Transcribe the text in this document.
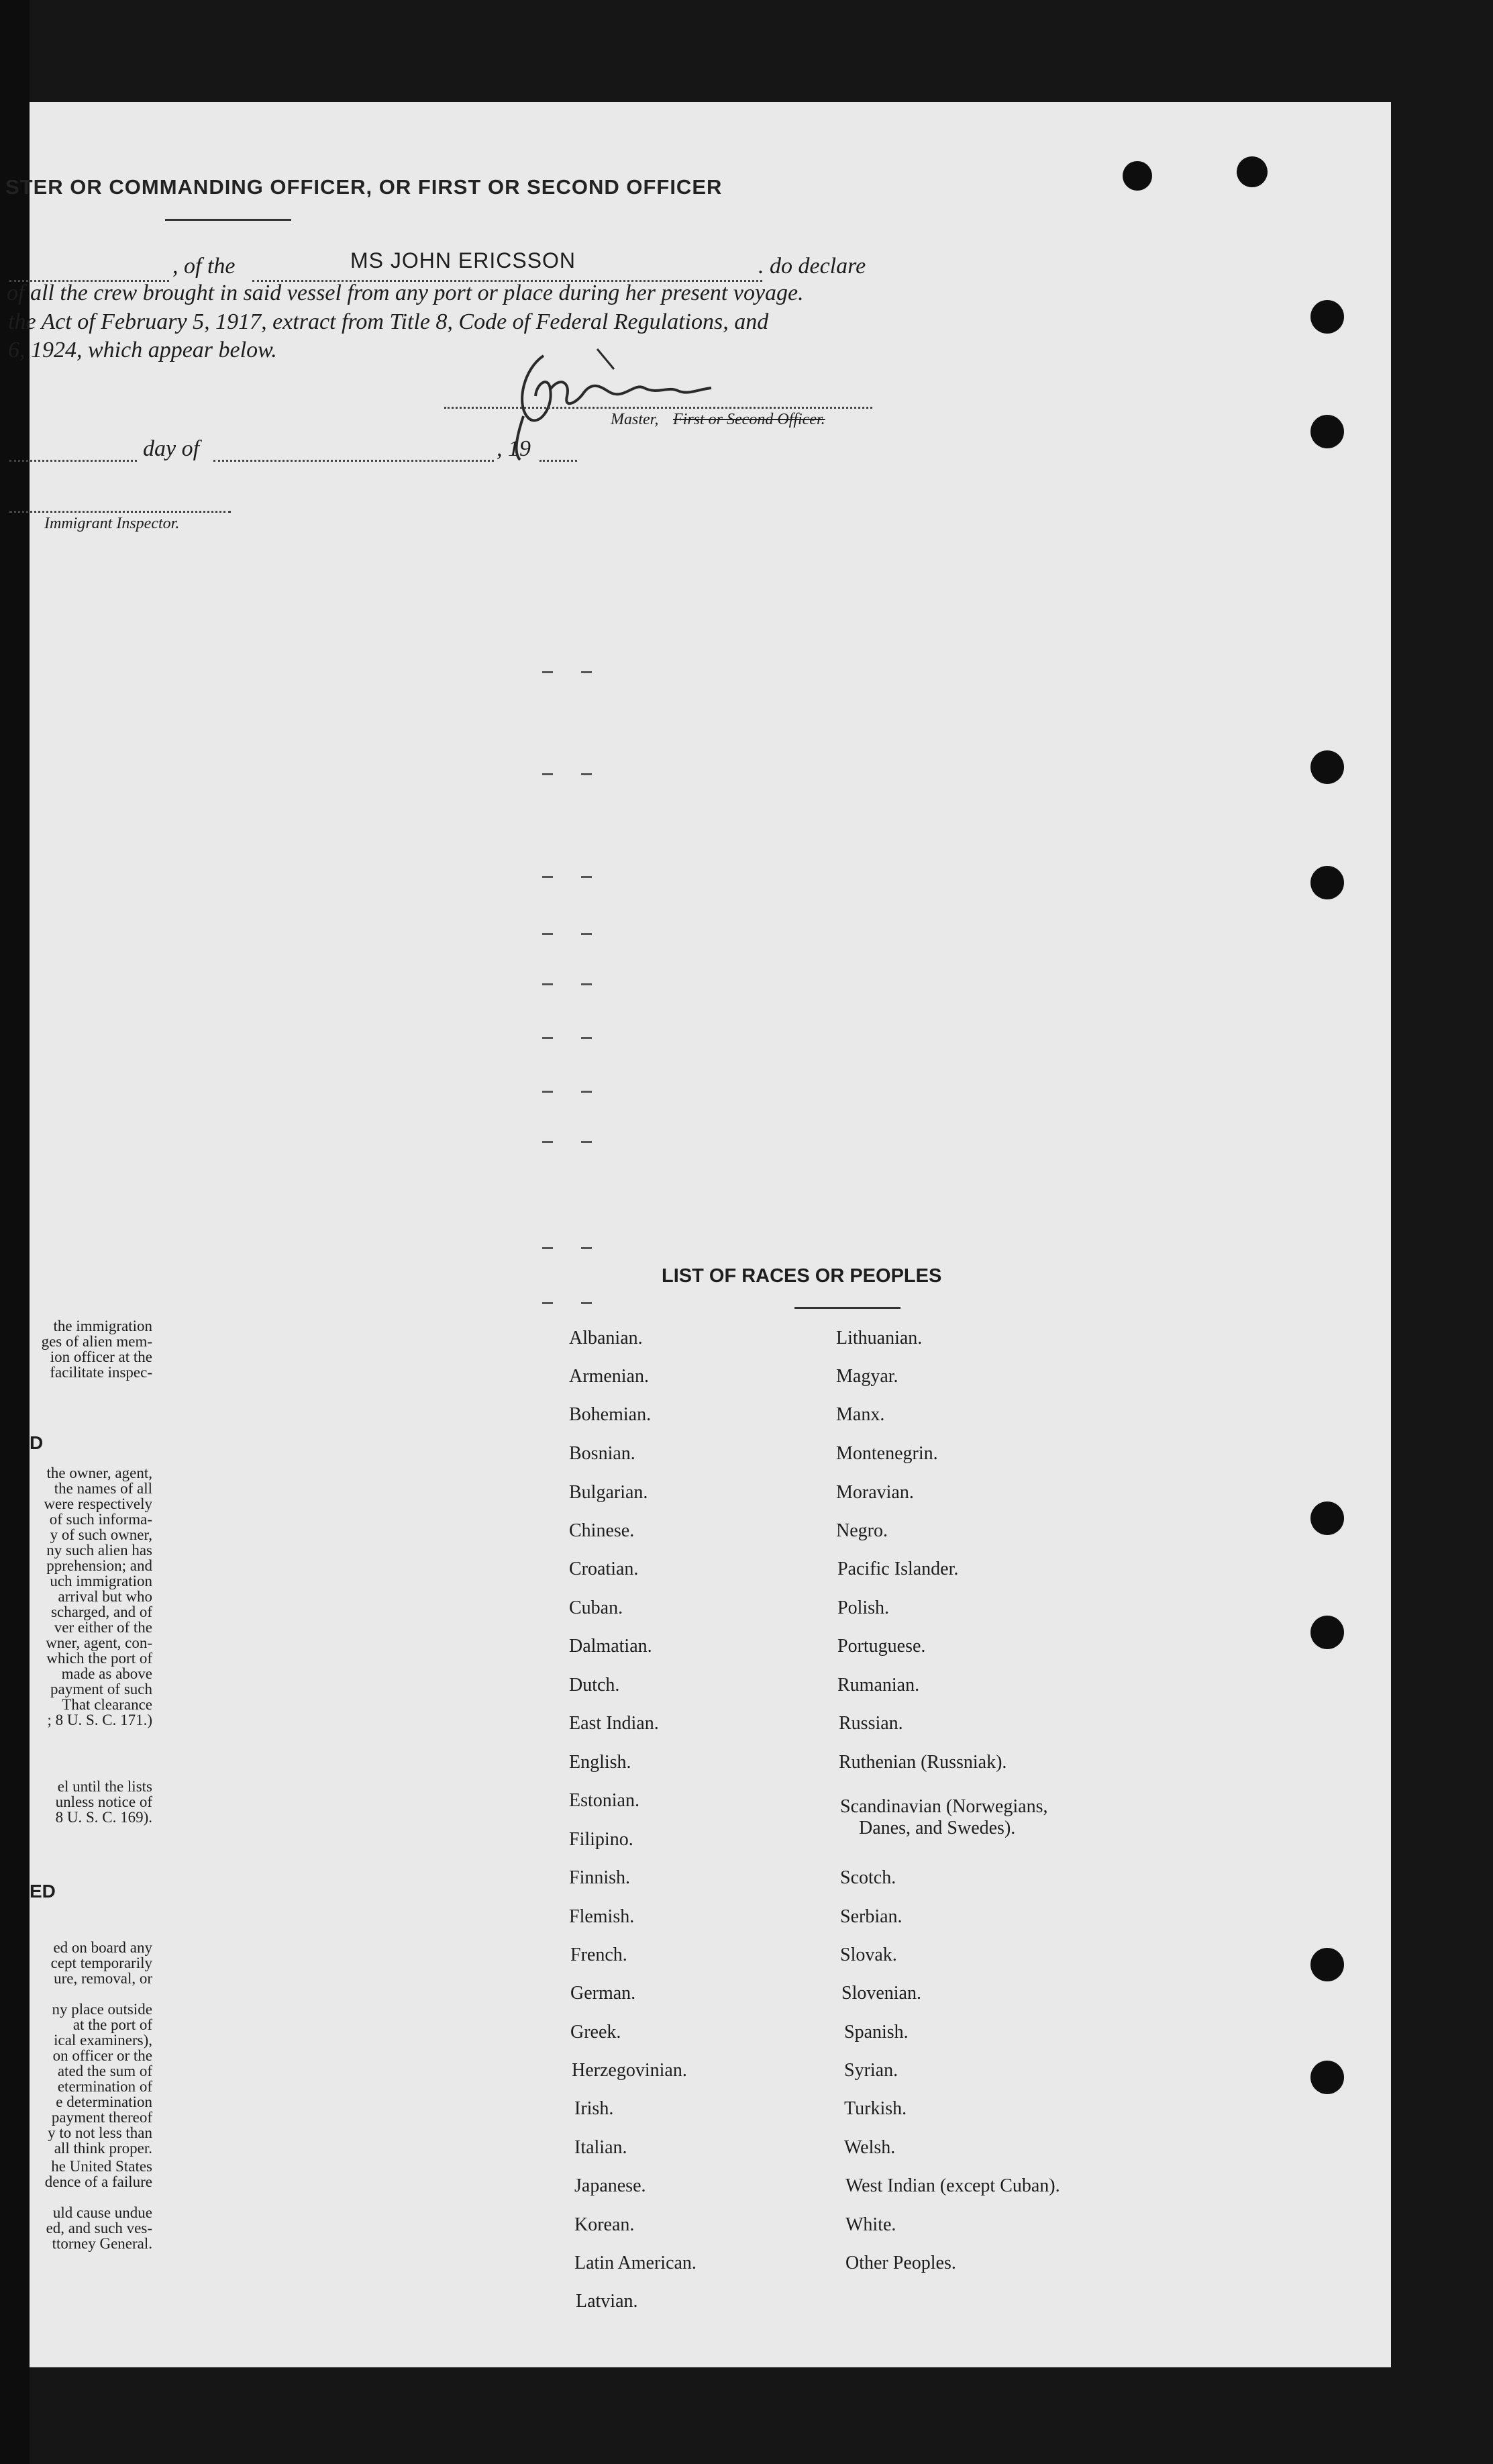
STER OR COMMANDING OFFICER, OR FIRST OR SECOND OFFICER
, of the	MS JOHN ERICSSON	. do declare
of all the crew brought in said vessel from any port or place during her present voyage.
the Act of February 5, 1917, extract from Title 8, Code of Federal Regulations, and
6, 1924, which appear below.
Master, First or Second Officer.
day of	, 19
Immigrant Inspector.
LIST OF RACES OR PEOPLES
Albanian.
Armenian.
Bohemian.
Bosnian.
Bulgarian.
Chinese.
Croatian.
Cuban.
Dalmatian.
Dutch.
East Indian.
English.
Estonian.
Filipino.
Finnish.
Flemish.
French.
German.
Greek.
Herzegovinian.
Irish.
Italian.
Japanese.
Korean.
Latin American.
Latvian.
Lithuanian.
Magyar.
Manx.
Montenegrin.
Moravian.
Negro.
Pacific Islander.
Polish.
Portuguese.
Rumanian.
Russian.
Ruthenian (Russniak).
Scandinavian (Norwegians,
Danes, and Swedes).
Scotch.
Serbian.
Slovak.
Slovenian.
Spanish.
Syrian.
Turkish.
Welsh.
West Indian (except Cuban).
White.
Other Peoples.
the immigration
ges of alien mem-
ion officer at the
facilitate inspec-
D
the owner, agent,
the names of all
were respectively
of such informa-
y of such owner,
ny such alien has
pprehension; and
uch immigration
arrival but who
scharged, and of
ver either of the
wner, agent, con-
which the port of
made as above
payment of such
That clearance
; 8 U. S. C. 171.)
el until the lists
unless notice of
8 U. S. C. 169).
ED
ed on board any
cept temporarily
ure, removal, or

ny place outside
at the port of
ical examiners),
on officer or the
ated the sum of
etermination of
e determination
payment thereof
y to not less than
all think proper.
he United States
dence of a failure

uld cause undue
ed, and such ves-
ttorney General.
